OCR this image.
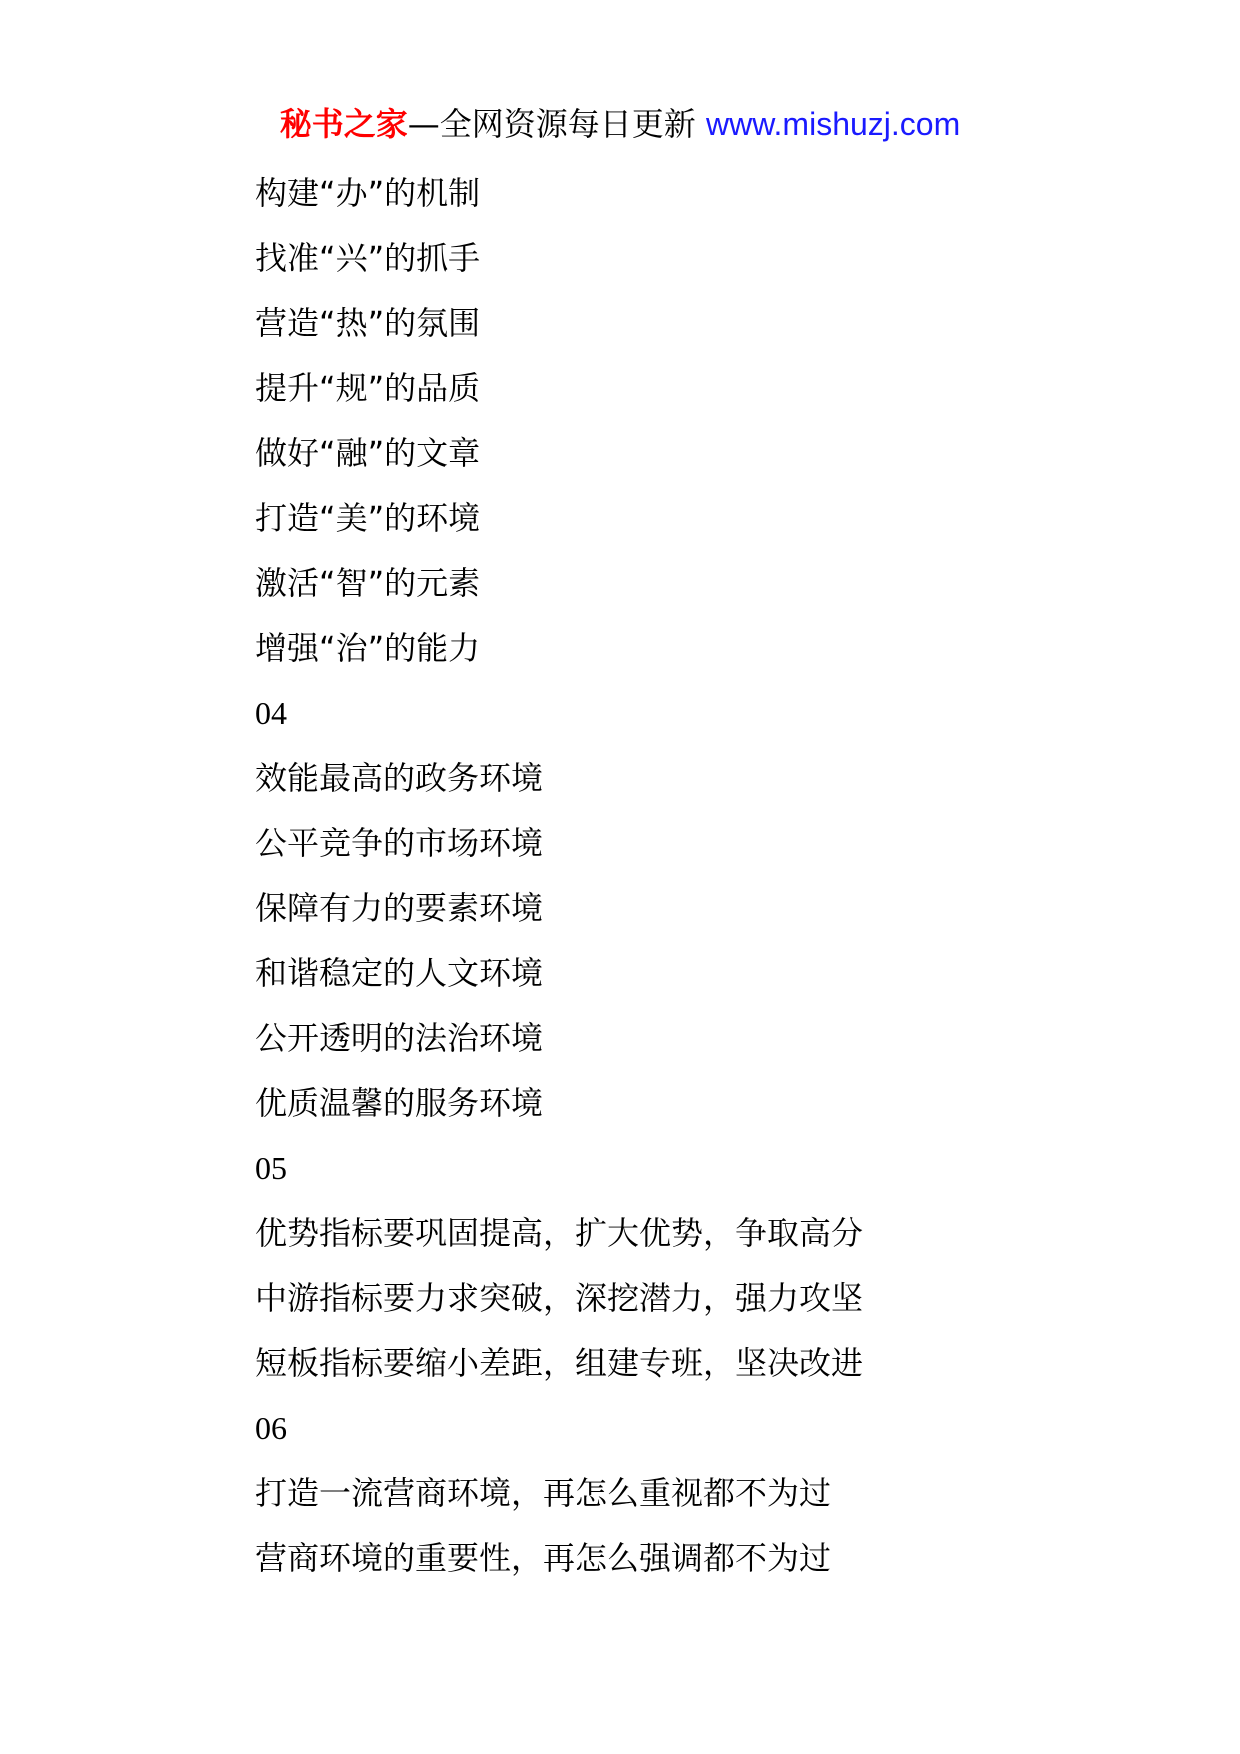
秘书之家—全网资源每日更新 www.mishuzj.com
构建“办”的机制
找准“兴”的抓手
营造“热”的氛围
提升“规”的品质
做好“融”的文章
打造“美”的环境
激活“智”的元素
增强“治”的能力
04
效能最高的政务环境
公平竞争的市场环境
保障有力的要素环境
和谐稳定的人文环境
公开透明的法治环境
优质温馨的服务环境
05
优势指标要巩固提高，扩大优势，争取高分
中游指标要力求突破，深挖潜力，强力攻坚
短板指标要缩小差距，组建专班，坚决改进
06
打造一流营商环境，再怎么重视都不为过
营商环境的重要性，再怎么强调都不为过
